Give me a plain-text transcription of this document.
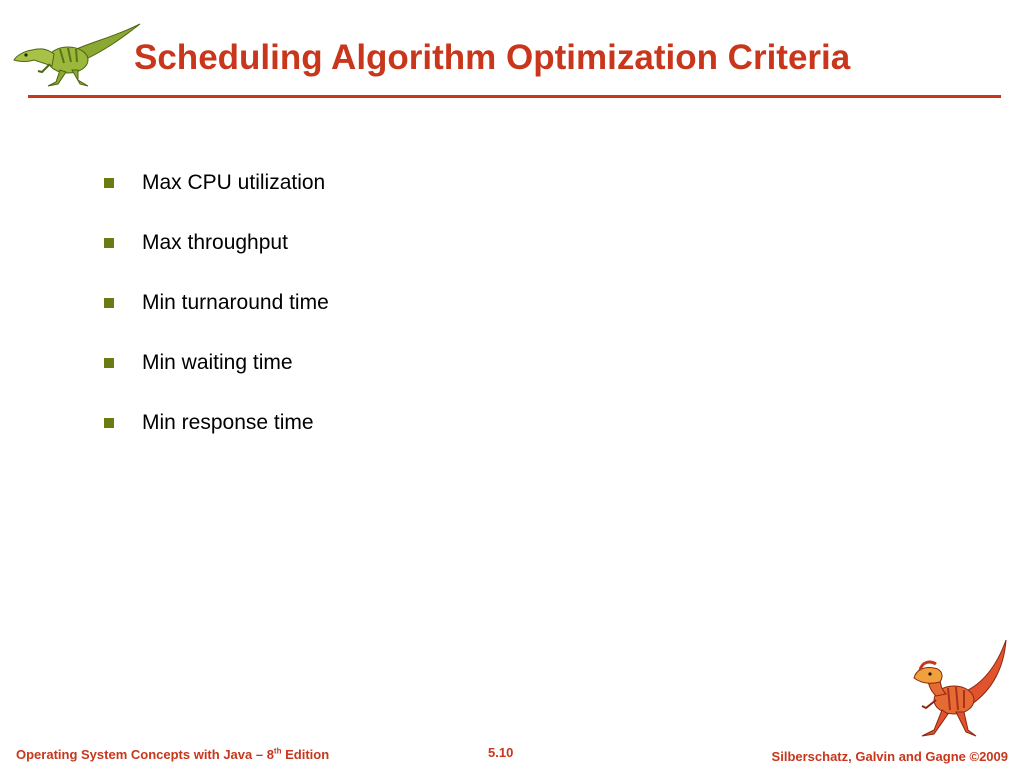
Scheduling Algorithm Optimization Criteria
Max CPU utilization
Max throughput
Min turnaround time
Min waiting time
Min response time
Operating System Concepts with Java – 8th Edition	5.10	Silberschatz, Galvin and Gagne ©2009
